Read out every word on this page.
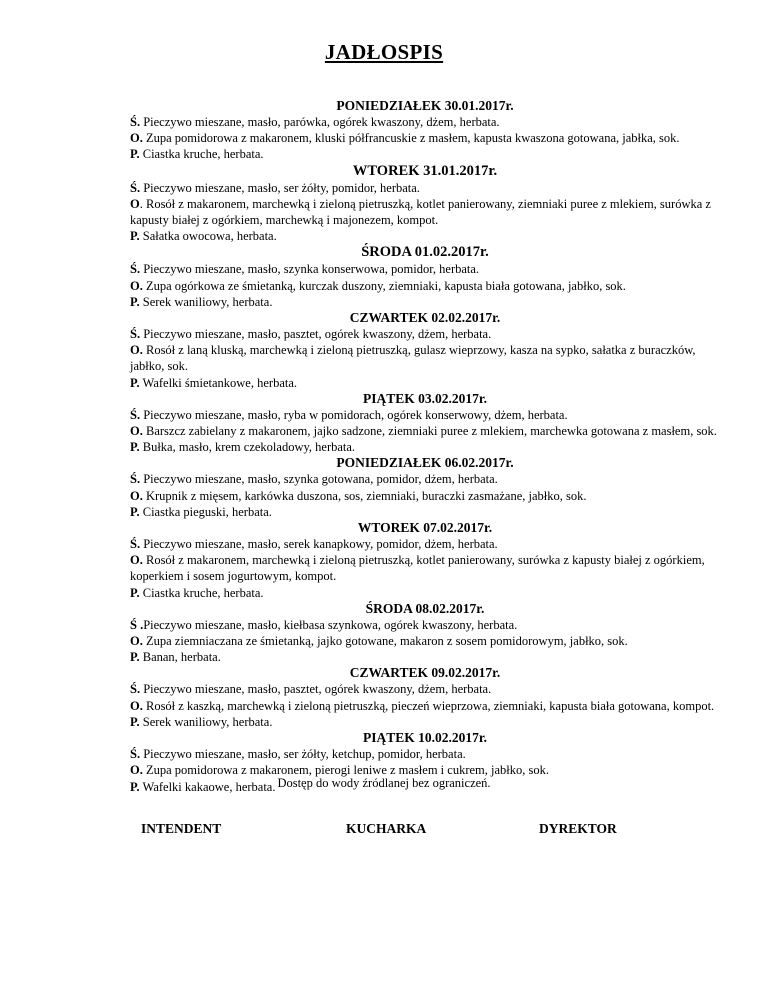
JADŁOSPIS
PONIEDZIAŁEK 30.01.2017r.
Ś. Pieczywo mieszane, masło, parówka, ogórek kwaszony, dżem, herbata.
O. Zupa pomidorowa z makaronem, kluski półfrancuskie z masłem, kapusta kwaszona gotowana, jabłka, sok.
P. Ciastka kruche, herbata.
WTOREK 31.01.2017r.
Ś. Pieczywo mieszane, masło, ser żółty, pomidor, herbata.
O. Rosół z makaronem, marchewką i zieloną pietruszką, kotlet panierowany, ziemniaki puree z mlekiem, surówka z kapusty białej z ogórkiem, marchewką i majonezem, kompot.
P. Sałatka owocowa, herbata.
ŚRODA 01.02.2017r.
Ś. Pieczywo mieszane, masło, szynka konserwowa, pomidor, herbata.
O. Zupa ogórkowa ze śmietanką, kurczak duszony, ziemniaki, kapusta biała gotowana, jabłko, sok.
P. Serek waniliowy, herbata.
CZWARTEK 02.02.2017r.
Ś. Pieczywo mieszane, masło, pasztet, ogórek kwaszony, dżem, herbata.
O. Rosół z laną kluską, marchewką i zieloną pietruszką, gulasz wieprzowy, kasza na sypko, sałatka z buraczków, jabłko, sok.
P. Wafelki śmietankowe, herbata.
PIĄTEK 03.02.2017r.
Ś. Pieczywo mieszane, masło, ryba w pomidorach, ogórek konserwowy, dżem, herbata.
O. Barszcz zabielany z makaronem, jajko sadzone, ziemniaki puree z mlekiem, marchewka gotowana z masłem, sok.
P. Bułka, masło, krem czekoladowy, herbata.
PONIEDZIAŁEK 06.02.2017r.
Ś. Pieczywo mieszane, masło, szynka gotowana, pomidor, dżem, herbata.
O. Krupnik z mięsem, karkówka duszona, sos, ziemniaki, buraczki zasmażane, jabłko, sok.
P. Ciastka pieguski, herbata.
WTOREK 07.02.2017r.
Ś. Pieczywo mieszane, masło, serek kanapkowy, pomidor, dżem, herbata.
O. Rosół z makaronem, marchewką i zieloną pietruszką, kotlet panierowany, surówka z kapusty białej z ogórkiem, koperkiem i sosem jogurtowym, kompot.
P. Ciastka kruche, herbata.
ŚRODA 08.02.2017r.
Ś .Pieczywo mieszane, masło, kiełbasa szynkowa, ogórek kwaszony, herbata.
O. Zupa ziemniaczana ze śmietanką, jajko gotowane, makaron z sosem pomidorowym, jabłko, sok.
P. Banan, herbata.
CZWARTEK 09.02.2017r.
Ś. Pieczywo mieszane, masło, pasztet, ogórek kwaszony, dżem, herbata.
O. Rosół z kaszką, marchewką i zieloną pietruszką, pieczeń wieprzowa, ziemniaki, kapusta biała gotowana, kompot.
P. Serek waniliowy, herbata.
PIĄTEK 10.02.2017r.
Ś. Pieczywo mieszane, masło, ser żółty, ketchup, pomidor, herbata.
O. Zupa pomidorowa z makaronem, pierogi leniwe z masłem i cukrem, jabłko, sok.
P. Wafelki kakaowe, herbata. Dostęp do wody źródlanej bez ograniczeń.
INTENDENT	KUCHARKA	DYREKTOR
